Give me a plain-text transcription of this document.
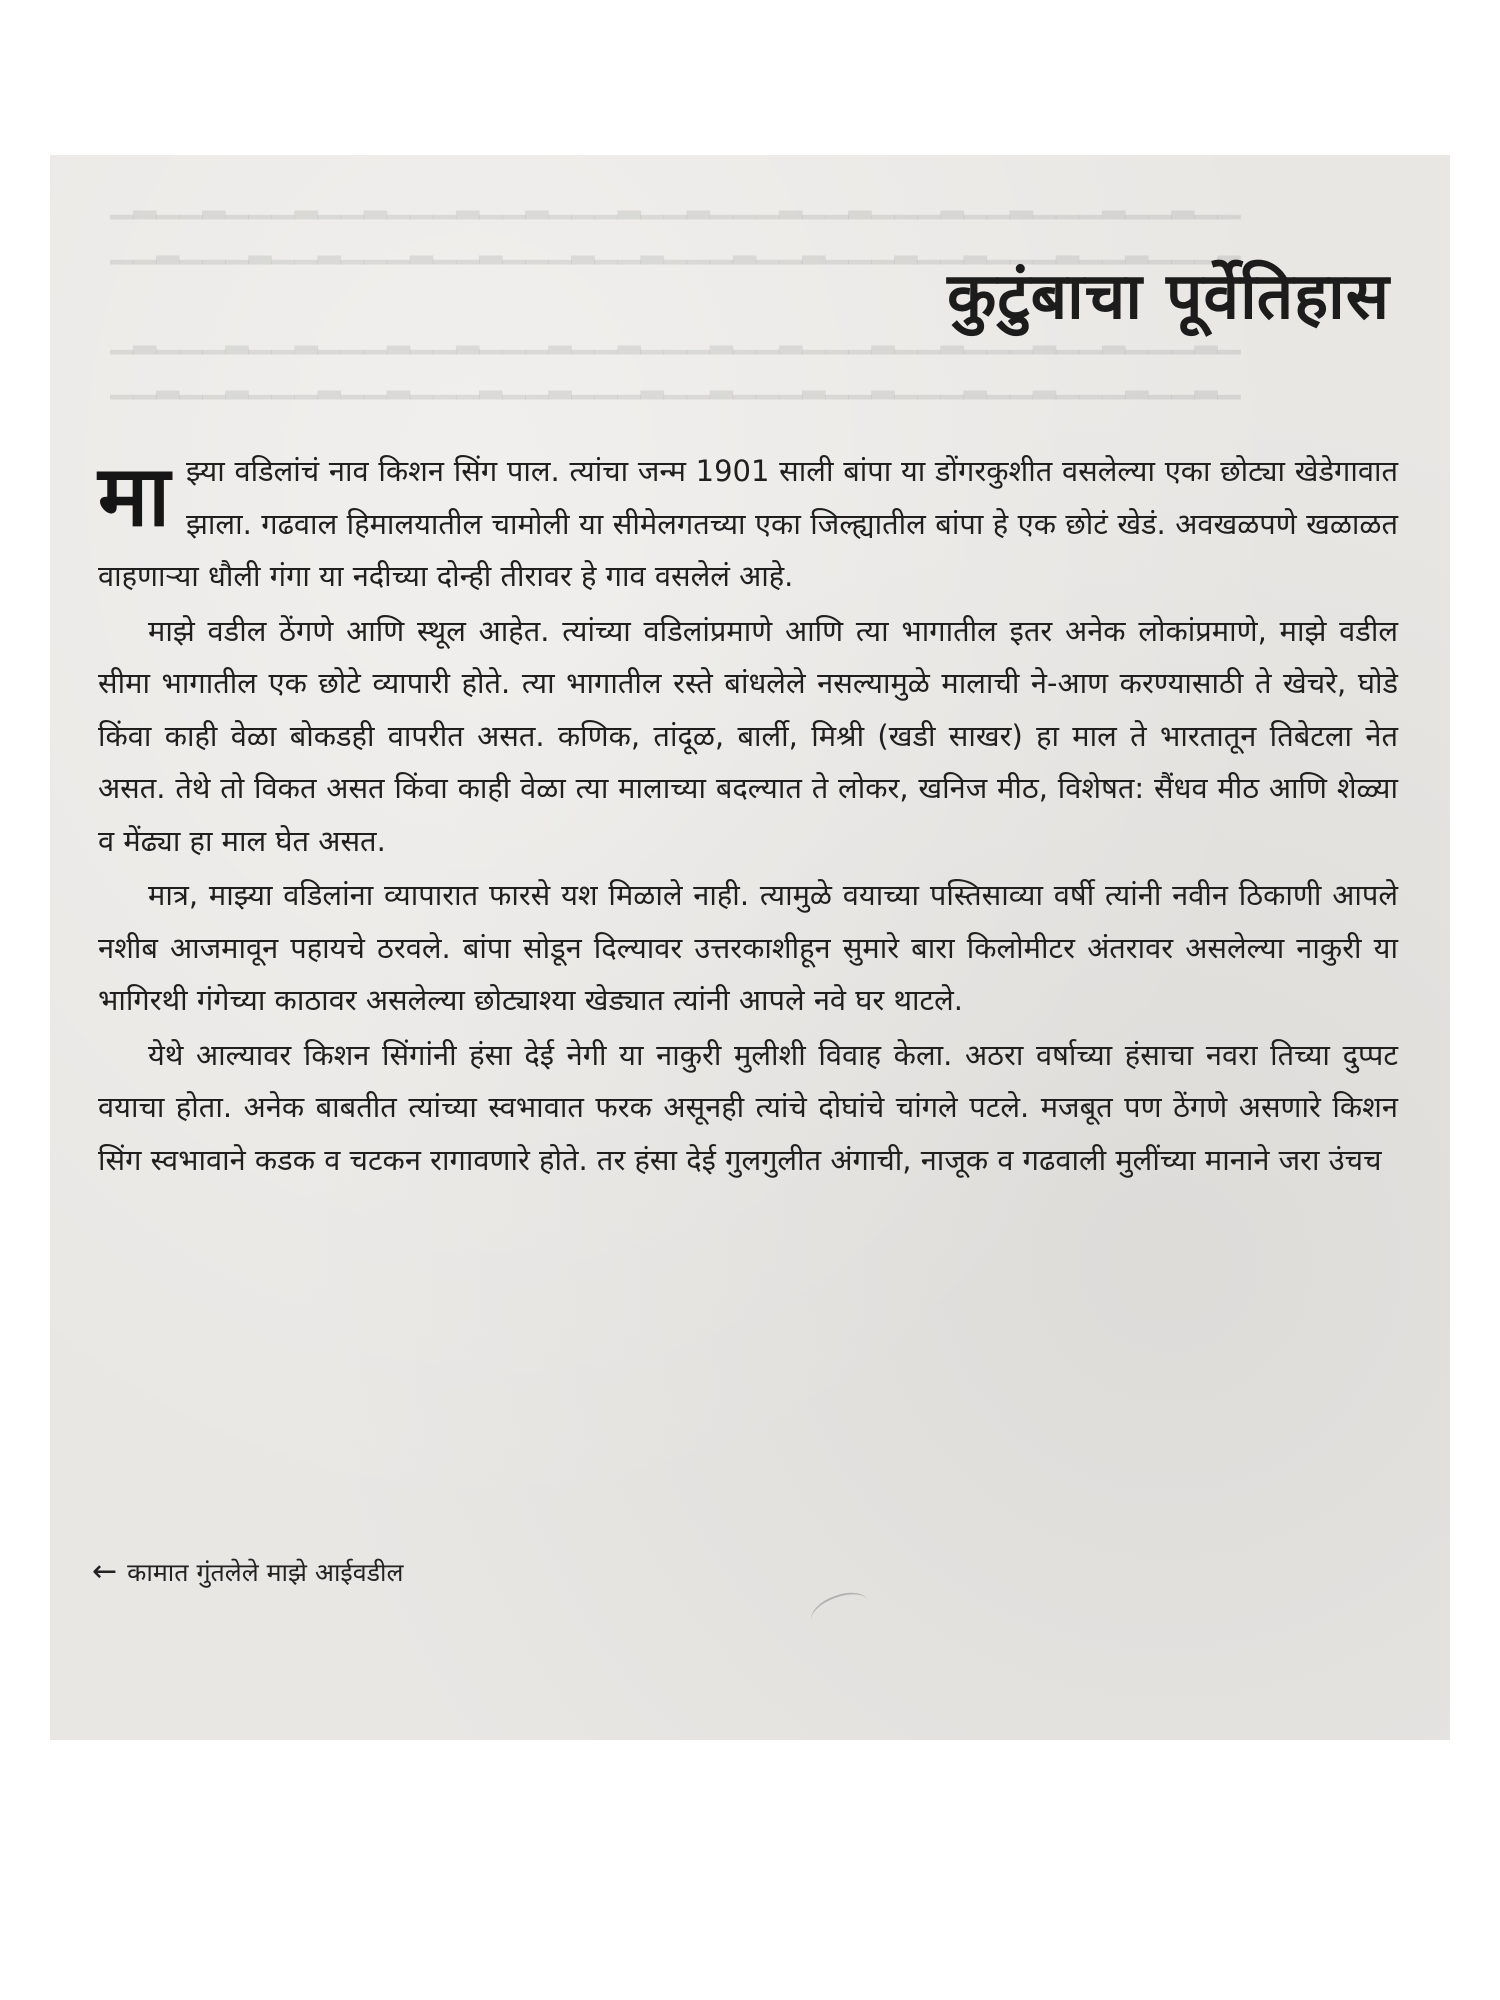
▁▂▁▁▂▁▁▁▂▁▁▂▁▁▁▂▁▁▂▁▁▁▂▁▁▂▁▁▁▂▁▁▂▁▁▁▂▁▁▂▁▁▁▂▁▁▂▁▁
▁▁▂▁▁▁▂▁▁▂▁▁▁▂▁▁▂▁▁▁▂▁▁▂▁▁▁▂▁▁▂▁▁▁▂▁▁▂▁▁▁▂▁▁▂▁▁▁▂
▁▂▁▁▁▂▁▁▂▁▁▁▂▁▁▂▁▁▁▂▁▁▂▁▁▁▂▁▁▂▁▁▁▂▁▁▂▁▁▁▂▁▁▂▁▁▁▂▁
▁▁▂▁▁▂▁▁▁▂▁▁▂▁▁▁▂▁▁▂▁▁▁▂▁▁▂▁▁▁▂▁▁▂▁▁▁▂▁▁▂▁▁▁▂▁▁▂▁
कुटुंबाचा पूर्वेतिहास

माझ्या वडिलांचं नाव किशन सिंग पाल. त्यांचा जन्म 1901 साली बांपा या डोंगरकुशीत वसलेल्या एका छोट्या खेडेगावात झाला. गढवाल हिमालयातील चामोली या सीमेलगतच्या एका जिल्ह्यातील बांपा हे एक छोटं खेडं. अवखळपणे खळाळत वाहणाऱ्या धौली गंगा या नदीच्या दोन्ही तीरावर हे गाव वसलेलं आहे.

माझे वडील ठेंगणे आणि स्थूल आहेत. त्यांच्या वडिलांप्रमाणे आणि त्या भागातील इतर अनेक लोकांप्रमाणे, माझे वडील सीमा भागातील एक छोटे व्यापारी होते. त्या भागातील रस्ते बांधलेले नसल्यामुळे मालाची ने-आण करण्यासाठी ते खेचरे, घोडे किंवा काही वेळा बोकडही वापरीत असत. कणिक, तांदूळ, बार्ली, मिश्री (खडी साखर) हा माल ते भारतातून तिबेटला नेत असत. तेथे तो विकत असत किंवा काही वेळा त्या मालाच्या बदल्यात ते लोकर, खनिज मीठ, विशेषत: सैंधव मीठ आणि शेळ्या व मेंढ्या हा माल घेत असत.

मात्र, माझ्या वडिलांना व्यापारात फारसे यश मिळाले नाही. त्यामुळे वयाच्या पस्तिसाव्या वर्षी त्यांनी नवीन ठिकाणी आपले नशीब आजमावून पहायचे ठरवले. बांपा सोडून दिल्यावर उत्तरकाशीहून सुमारे बारा किलोमीटर अंतरावर असलेल्या नाकुरी या भागिरथी गंगेच्या काठावर असलेल्या छोट्याश्या खेड्यात त्यांनी आपले नवे घर थाटले.

येथे आल्यावर किशन सिंगांनी हंसा देई नेगी या नाकुरी मुलीशी विवाह केला. अठरा वर्षाच्या हंसाचा नवरा तिच्या दुप्पट वयाचा होता. अनेक बाबतीत त्यांच्या स्वभावात फरक असूनही त्यांचे दोघांचे चांगले पटले. मजबूत पण ठेंगणे असणारे किशन सिंग स्वभावाने कडक व चटकन रागावणारे होते. तर हंसा देई गुलगुलीत अंगाची, नाजूक व गढवाली मुलींच्या मानाने जरा उंचच

← कामात गुंतलेले माझे आईवडील
